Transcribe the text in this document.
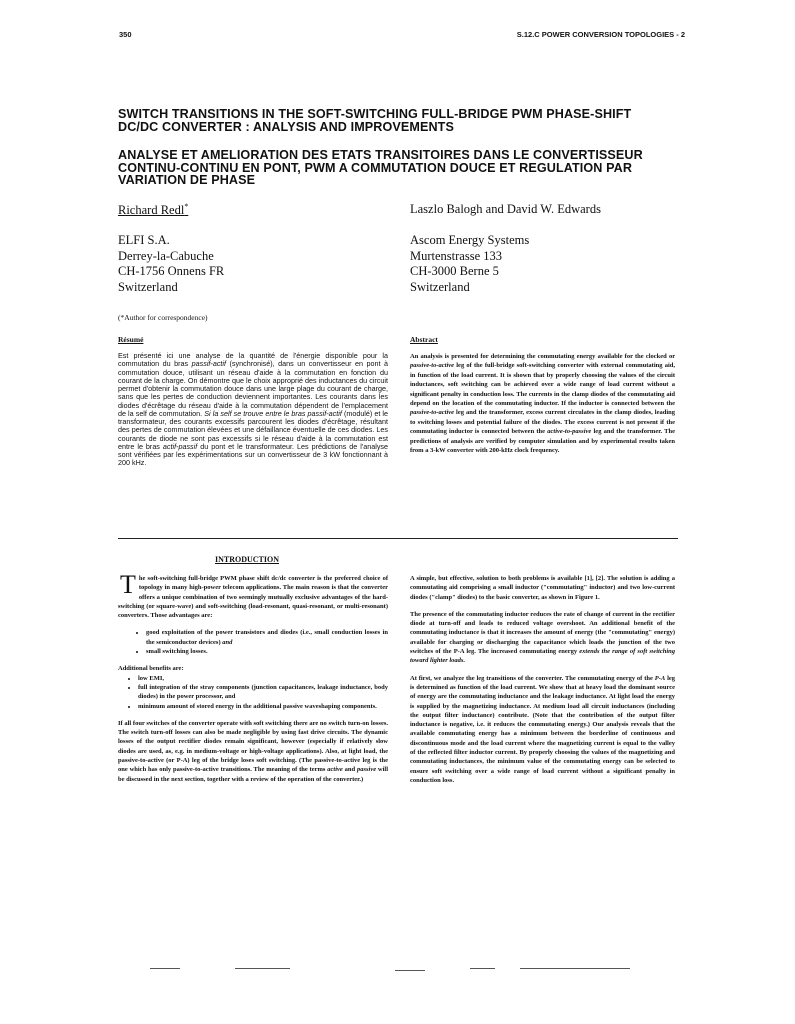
350	S.12.C POWER CONVERSION TOPOLOGIES - 2
SWITCH TRANSITIONS IN THE SOFT-SWITCHING FULL-BRIDGE PWM PHASE-SHIFT
DC/DC CONVERTER : ANALYSIS AND IMPROVEMENTS
ANALYSE ET AMELIORATION DES ETATS TRANSITOIRES DANS LE CONVERTISSEUR
CONTINU-CONTINU EN PONT, PWM A COMMUTATION DOUCE ET REGULATION PAR
VARIATION DE PHASE
Richard Redl*	Laszlo Balogh and David W. Edwards
ELFI S.A.
Derrey-la-Cabuche
CH-1756 Onnens FR
Switzerland
Ascom Energy Systems
Murtenstrasse 133
CH-3000 Berne 5
Switzerland
(*Author for correspondence)
Résumé	Abstract
Est présenté ici une analyse de la quantité de l'énergie disponible pour la commutation du bras passif-actif (synchronisé), dans un convertisseur en pont à commutation douce, utilisant un réseau d'aide à la commutation en fonction du courant de la charge. On démontre que le choix approprié des inductances du circuit permet d'obtenir la commutation douce dans une large plage du courant de charge, sans que les pertes de conduction deviennent importantes. Les courants dans les diodes d'écrêtage du réseau d'aide à la commutation dépendent de l'emplacement de la self de commutation. Si la self se trouve entre le bras passif-actif (modulé) et le transformateur, des courants excessifs parcourent les diodes d'écrêtage, résultant des pertes de commutation élevées et une défaillance éventuelle de ces diodes. Les courants de diode ne sont pas excessifs si le réseau d'aide à la commutation est entre le bras actif-passif du pont et le transformateur. Les prédictions de l'analyse sont vérifiées par les expérimentations sur un convertisseur de 3 kW fonctionnant à 200 kHz.
An analysis is presented for determining the commutating energy available for the clocked or passive-to-active leg of the full-bridge soft-switching converter with external commutating aid, in function of the load current. It is shown that by properly choosing the values of the circuit inductances, soft switching can be achieved over a wide range of load current without a significant penalty in conduction loss. The currents in the clamp diodes of the commutating aid depend on the location of the commutating inductor. If the inductor is connected between the passive-to-active leg and the transformer, excess current circulates in the clamp diodes, leading to switching losses and potential failure of the diodes. The excess current is not present if the commutating inductor is connected between the active-to-passive leg and the transformer. The predictions of analysis are verified by computer simulation and by experimental results taken from a 3-kW converter with 200-kHz clock frequency.
INTRODUCTION

The soft-switching full-bridge PWM phase shift dc/dc converter is the preferred choice of topology in many high-power telecom applications. The main reason is that the converter offers a unique combination of two seemingly mutually exclusive advantages of the hard-switching (or square-wave) and soft-switching (load-resonant, quasi-resonant, or multi-resonant) converters. Those advantages are:

• good exploitation of the power transistors and diodes (i.e., small conduction losses in the semiconductor devices) and
• small switching losses.
Additional benefits are:
• low EMI,
• full integration of the stray components (junction capacitances, leakage inductance, body diodes) in the power processor, and
• minimum amount of stored energy in the additional passive waveshaping components.

If all four switches of the converter operate with soft switching there are no switch turn-on losses. The switch turn-off losses can also be made negligible by using fast drive circuits. The dynamic losses of the output rectifier diodes remain significant, however (especially if relatively slow diodes are used, as, e.g. in medium-voltage or high-voltage applications). Also, at light load, the passive-to-active (or P-A) leg of the bridge loses soft switching. (The passive-to-active leg is the one which has only passive-to-active transitions. The meaning of the terms active and passive will be discussed in the next section, together with a review of the operation of the converter.)

A simple, but effective, solution to both problems is available [1], [2]. The solution is adding a commutating aid comprising a small inductor ("commutating" inductor) and two low-current diodes ("clamp" diodes) to the basic converter, as shown in Figure 1.

The presence of the commutating inductor reduces the rate of change of current in the rectifier diode at turn-off and leads to reduced voltage overshoot. An additional benefit of the commutating inductance is that it increases the amount of energy (the "commutating" energy) available for charging or discharging the capacitance which loads the junction of the two switches of the P-A leg. The increased commutating energy extends the range of soft switching toward lighter loads.

At first, we analyze the leg transitions of the converter. The commutating energy of the P-A leg is determined as function of the load current. We show that at heavy load the dominant source of energy are the commutating inductance and the leakage inductance. At light load the energy is supplied by the magnetizing inductance. At medium load all circuit inductances (including the output filter inductance) contribute. (Note that the contribution of the output filter inductance is negative, i.e. it reduces the commutating energy.) Our analysis reveals that the available commutating energy has a minimum between the borderline of continuous and discontinuous mode and the load current where the magnetizing current is equal to the valley of the reflected filter inductor current. By properly choosing the values of the magnetizing and commutating inductances, the minimum value of the commutating energy can be selected to ensure soft switching over a wide range of load current without a significant penalty in conduction loss.
